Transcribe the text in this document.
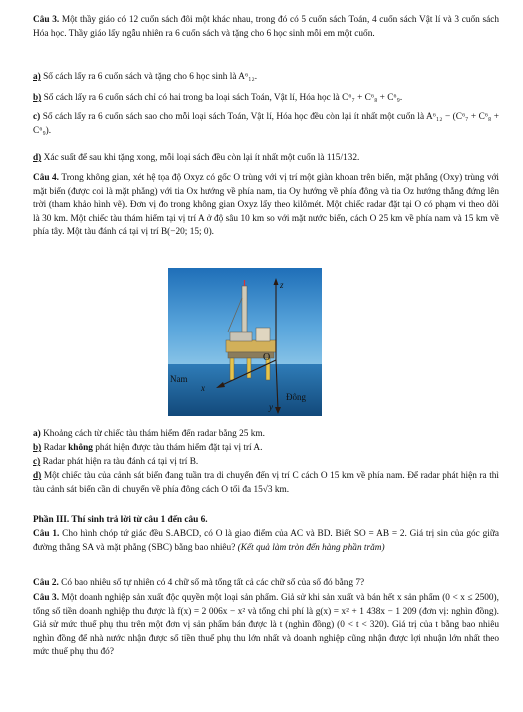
Câu 3. Một thầy giáo có 12 cuốn sách đôi một khác nhau, trong đó có 5 cuốn sách Toán, 4 cuốn sách Vật lí và 3 cuốn sách Hóa học. Thầy giáo lấy ngẫu nhiên ra 6 cuốn sách và tặng cho 6 học sinh mỗi em một cuốn.

a) Số cách lấy ra 6 cuốn sách và tặng cho 6 học sinh là A⁶₁₂.

b) Số cách lấy ra 6 cuốn sách chỉ có hai trong ba loại sách Toán, Vật lí, Hóa học là C⁶₇ + C⁶₈ + C⁶₉.

c) Số cách lấy ra 6 cuốn sách sao cho mỗi loại sách Toán, Vật lí, Hóa học đều còn lại ít nhất một cuốn là A⁶₁₂ − (C⁶₇ + C⁶₈ + C⁶₉).

d) Xác suất để sau khi tặng xong, mỗi loại sách đều còn lại ít nhất một cuốn là 115/132.

Câu 4. Trong không gian, xét hệ tọa độ Oxyz có gốc O trùng với vị trí một giàn khoan trên biển, mặt phẳng (Oxy) trùng với mặt biển (được coi là mặt phẳng) với tia Ox hướng về phía nam, tia Oy hướng về phía đông và tia Oz hướng thẳng đứng lên trời (tham khảo hình vẽ). Đơn vị đo trong không gian Oxyz lấy theo kilômét. Một chiếc radar đặt tại O có phạm vi theo dõi là 30 km. Một chiếc tàu thám hiểm tại vị trí A ở độ sâu 10 km so với mặt nước biển, cách O 25 km về phía nam và 15 km về phía tây. Một tàu đánh cá tại vị trí B(−20; 15; 0).

z
O
x
y
Nam
Đông

a) Khoảng cách từ chiếc tàu thám hiểm đến radar bằng 25 km.

b) Radar không phát hiện được tàu thám hiểm đặt tại vị trí A.

c) Radar phát hiện ra tàu đánh cá tại vị trí B.

d) Một chiếc tàu của cảnh sát biển đang tuần tra di chuyển đến vị trí C cách O 15 km về phía nam. Để radar phát hiện ra thì tàu cảnh sát biển cần di chuyển về phía đông cách O tối đa 15√3 km.

Phần III. Thí sinh trả lời từ câu 1 đến câu 6.

Câu 1. Cho hình chóp tứ giác đều S.ABCD, có O là giao điểm của AC và BD. Biết SO = AB = 2. Giá trị sin của góc giữa đường thẳng SA và mặt phẳng (SBC) bằng bao nhiêu? (Kết quả làm tròn đến hàng phần trăm)

Câu 2. Có bao nhiêu số tự nhiên có 4 chữ số mà tổng tất cả các chữ số của số đó bằng 7?

Câu 3. Một doanh nghiệp sản xuất độc quyền một loại sản phẩm. Giả sử khi sản xuất và bán hết x sản phẩm (0 < x ≤ 2500), tổng số tiền doanh nghiệp thu được là f(x) = 2 006x − x² và tổng chi phí là g(x) = x² + 1 438x − 1 209 (đơn vị: nghìn đồng). Giả sử mức thuế phụ thu trên một đơn vị sản phẩm bán được là t (nghìn đồng) (0 < t < 320). Giá trị của t bằng bao nhiêu nghìn đồng để nhà nước nhận được số tiền thuế phụ thu lớn nhất và doanh nghiệp cũng nhận được lợi nhuận lớn nhất theo mức thuế phụ thu đó?
